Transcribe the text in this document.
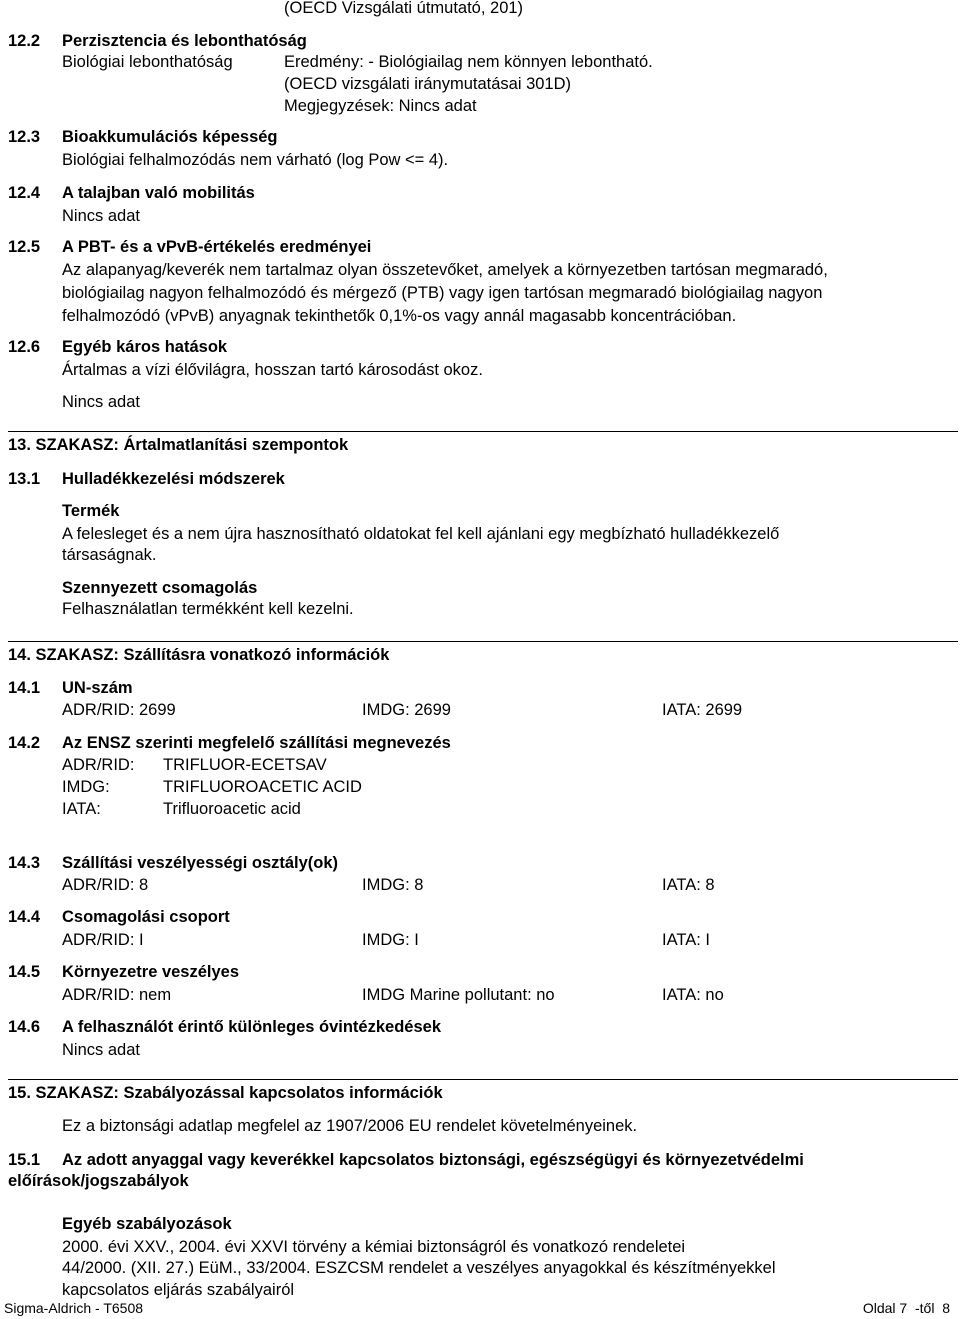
(OECD Vizsgálati útmutató, 201)
12.2	Perzisztencia és lebonthatóság
Biológiai lebonthatóság	Eredmény: - Biológiailag nem könnyen lebontható.
(OECD vizsgálati iránymutatásai 301D)
Megjegyzések: Nincs adat
12.3	Bioakkumulációs képesség
Biológiai felhalmozódás nem várható (log Pow <= 4).
12.4	A talajban való mobilitás
Nincs adat
12.5	A PBT- és a vPvB-értékelés eredményei
Az alapanyag/keverék nem tartalmaz olyan összetevőket, amelyek a környezetben tartósan megmaradó,
biológiailag nagyon felhalmozódó és mérgező (PTB) vagy igen tartósan megmaradó biológiailag nagyon
felhalmozódó (vPvB) anyagnak tekinthetők 0,1%-os vagy annál magasabb koncentrációban.
12.6	Egyéb káros hatások
Ártalmas a vízi élővilágra, hosszan tartó károsodást okoz.
Nincs adat
13. SZAKASZ: Ártalmatlanítási szempontok
13.1	Hulladékkezelési módszerek
Termék
A felesleget és a nem újra hasznosítható oldatokat fel kell ajánlani egy megbízható hulladékkezelő
társaságnak.
Szennyezett csomagolás
Felhasználatlan termékként kell kezelni.
14. SZAKASZ: Szállításra vonatkozó információk
14.1	UN-szám
ADR/RID: 2699	IMDG: 2699	IATA: 2699
14.2	Az ENSZ szerinti megfelelő szállítási megnevezés
ADR/RID: TRIFLUOR-ECETSAV
IMDG:	TRIFLUOROACETIC ACID
IATA:	Trifluoroacetic acid
14.3	Szállítási veszélyességi osztály(ok)
ADR/RID: 8	IMDG: 8	IATA: 8
14.4	Csomagolási csoport
ADR/RID: I	IMDG: I	IATA: I
14.5	Környezetre veszélyes
ADR/RID: nem	IMDG Marine pollutant: no	IATA: no
14.6	A felhasználót érintő különleges óvintézkedések
Nincs adat
15. SZAKASZ: Szabályozással kapcsolatos információk
Ez a biztonsági adatlap megfelel az 1907/2006 EU rendelet követelményeinek.
15.1	Az adott anyaggal vagy keverékkel kapcsolatos biztonsági, egészségügyi és környezetvédelmi
előírások/jogszabályok
Egyéb szabályozások
2000. évi XXV., 2004. évi XXVI törvény a kémiai biztonságról és vonatkozó rendeletei
44/2000. (XII. 27.) EüM., 33/2004. ESZCSM rendelet a veszélyes anyagokkal és készítményekkel
kapcsolatos eljárás szabályairól
Sigma-Aldrich - T6508	Oldal 7  -től  8
